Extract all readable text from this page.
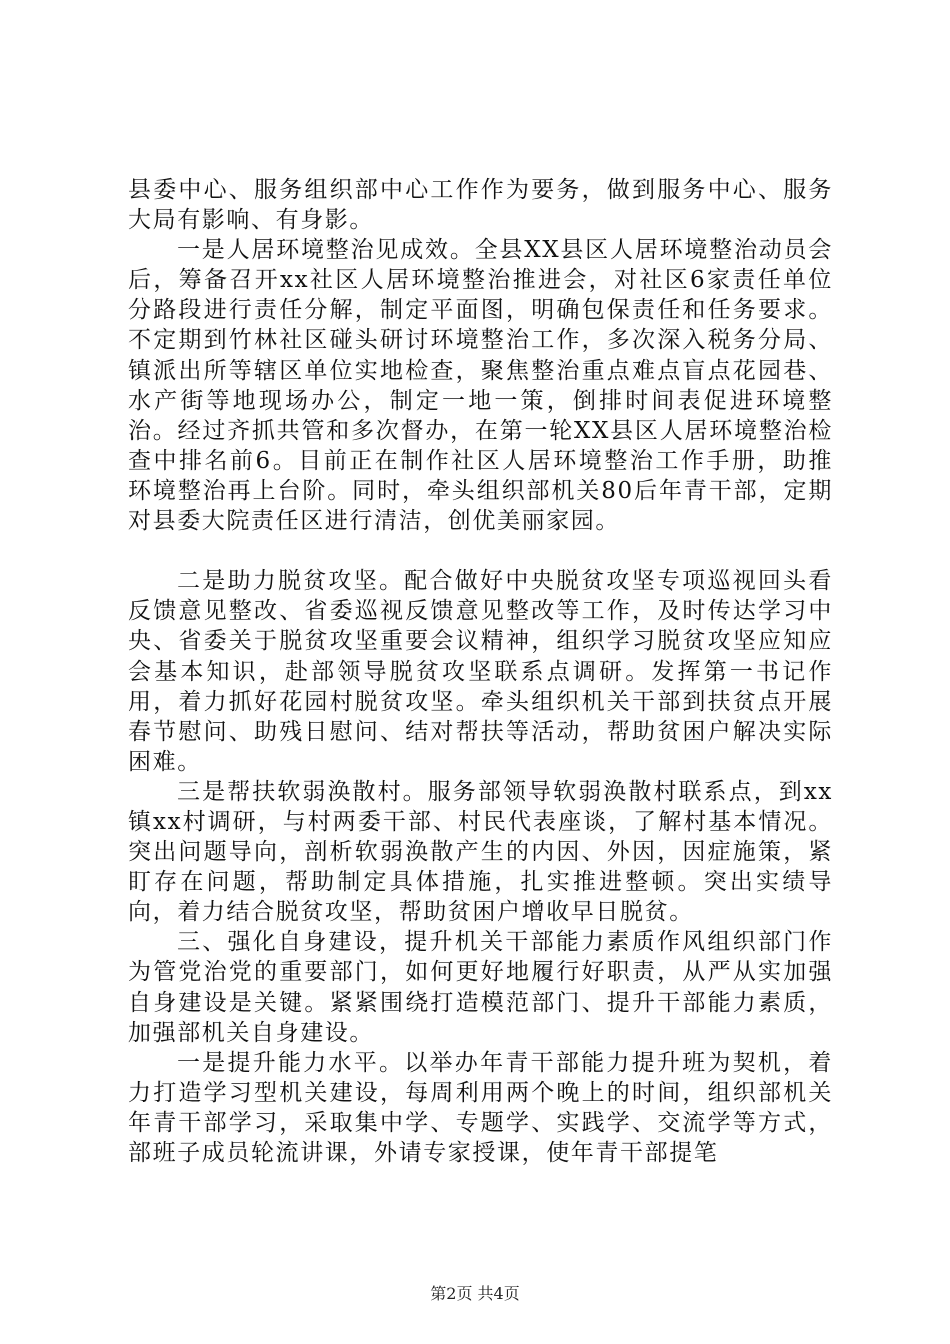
县委中心、服务组织部中心工作作为要务，做到服务中心、服务大局有影响、有身影。

一是人居环境整治见成效。全县XX县区人居环境整治动员会后，筹备召开xx社区人居环境整治推进会，对社区6家责任单位分路段进行责任分解，制定平面图，明确包保责任和任务要求。不定期到竹林社区碰头研讨环境整治工作，多次深入税务分局、镇派出所等辖区单位实地检查，聚焦整治重点难点盲点花园巷、水产街等地现场办公，制定一地一策，倒排时间表促进环境整治。经过齐抓共管和多次督办，在第一轮XX县区人居环境整治检查中排名前6。目前正在制作社区人居环境整治工作手册，助推环境整治再上台阶。同时，牵头组织部机关80后年青干部，定期对县委大院责任区进行清洁，创优美丽家园。

二是助力脱贫攻坚。配合做好中央脱贫攻坚专项巡视回头看反馈意见整改、省委巡视反馈意见整改等工作，及时传达学习中央、省委关于脱贫攻坚重要会议精神，组织学习脱贫攻坚应知应会基本知识，赴部领导脱贫攻坚联系点调研。发挥第一书记作用，着力抓好花园村脱贫攻坚。牵头组织机关干部到扶贫点开展春节慰问、助残日慰问、结对帮扶等活动，帮助贫困户解决实际困难。

三是帮扶软弱涣散村。服务部领导软弱涣散村联系点，到xx镇xx村调研，与村两委干部、村民代表座谈，了解村基本情况。突出问题导向，剖析软弱涣散产生的内因、外因，因症施策，紧盯存在问题，帮助制定具体措施，扎实推进整顿。突出实绩导向，着力结合脱贫攻坚，帮助贫困户增收早日脱贫。

三、强化自身建设，提升机关干部能力素质作风组织部门作为管党治党的重要部门，如何更好地履行好职责，从严从实加强自身建设是关键。紧紧围绕打造模范部门、提升干部能力素质，加强部机关自身建设。

一是提升能力水平。以举办年青干部能力提升班为契机，着力打造学习型机关建设，每周利用两个晚上的时间，组织部机关年青干部学习，采取集中学、专题学、实践学、交流学等方式，部班子成员轮流讲课，外请专家授课，使年青干部提笔

第2页 共4页
